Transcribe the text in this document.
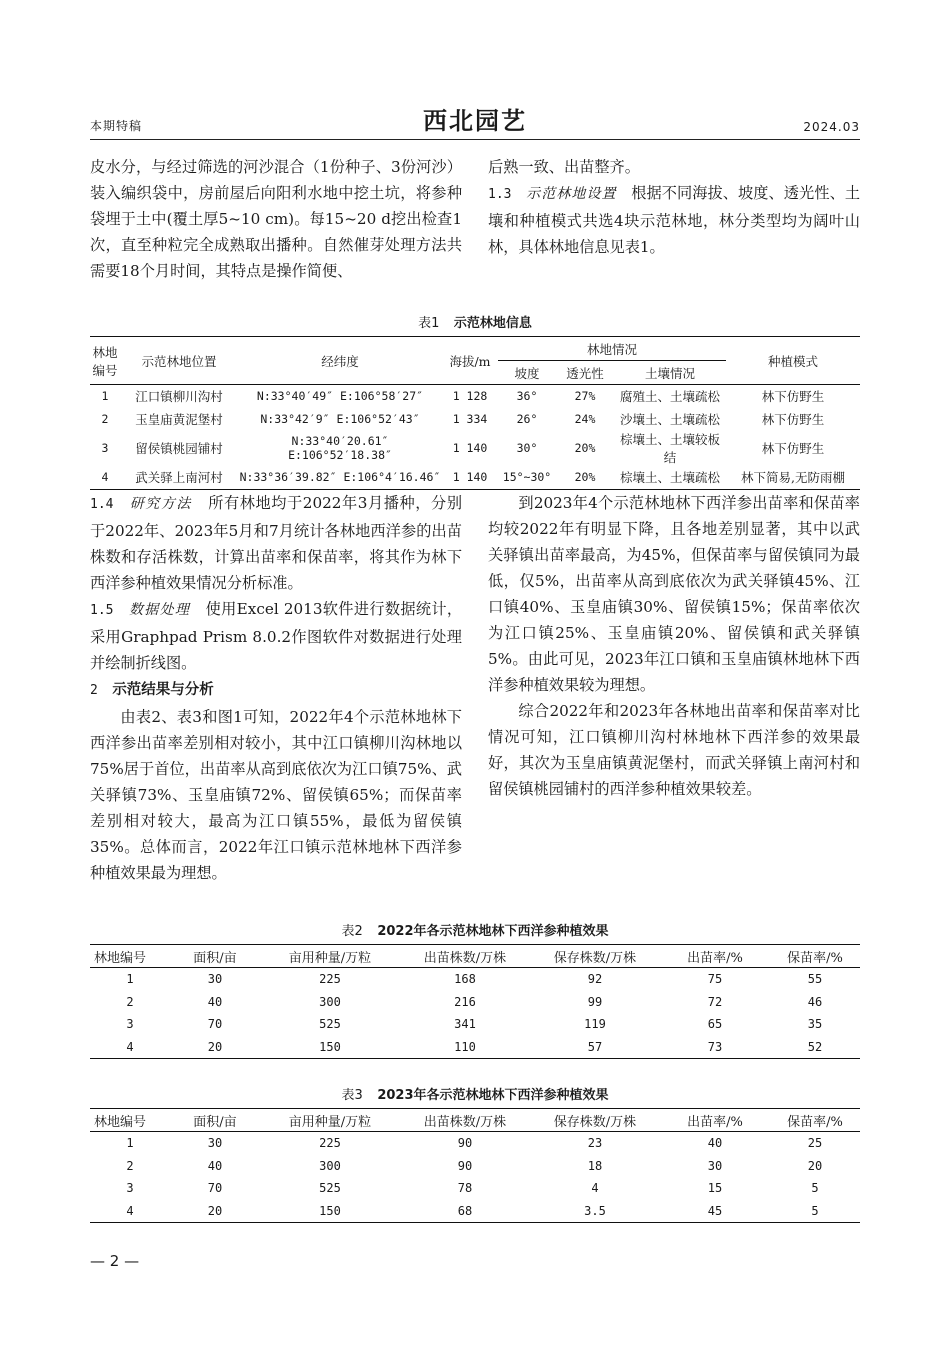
本期特稿	西北园艺	2024.03

皮水分，与经过筛选的河沙混合（1份种子、3份河沙）装入编织袋中，房前屋后向阳利水地中挖土坑，将参种袋埋于土中(覆土厚5~10 cm)。每15~20 d挖出检查1次，直至种粒完全成熟取出播种。自然催芽处理方法共需要18个月时间，其特点是操作简便、

后熟一致、出苗整齐。

1.3 示范林地设置 根据不同海拔、坡度、透光性、土壤和种植模式共选4块示范林地，林分类型均为阔叶山林，具体林地信息见表1。

表1 示范林地信息
林地编号	示范林地位置	经纬度	海拔/m	林地情况			种植模式
				坡度	透光性	土壤情况	
1	江口镇柳川沟村	N:33°40′49″ E:106°58′27″	1 128	36°	27%	腐殖土、土壤疏松	林下仿野生
2	玉皇庙黄泥堡村	N:33°42′9″ E:106°52′43″	1 334	26°	24%	沙壤土、土壤疏松	林下仿野生
3	留侯镇桃园铺村	N:33°40′20.61″ E:106°52′18.38″	1 140	30°	20%	棕壤土、土壤较板结	林下仿野生
4	武关驿上南河村	N:33°36′39.82″ E:106°4′16.46″	1 140	15°~30°	20%	棕壤土、土壤疏松	林下简易,无防雨棚

1.4 研究方法 所有林地均于2022年3月播种，分别于2022年、2023年5月和7月统计各林地西洋参的出苗株数和存活株数，计算出苗率和保苗率，将其作为林下西洋参种植效果情况分析标准。

1.5 数据处理 使用Excel 2013软件进行数据统计，采用Graphpad Prism 8.0.2作图软件对数据进行处理并绘制折线图。

2 示范结果与分析

由表2、表3和图1可知，2022年4个示范林地林下西洋参出苗率差别相对较小，其中江口镇柳川沟林地以75%居于首位，出苗率从高到底依次为江口镇75%、武关驿镇73%、玉皇庙镇72%、留侯镇65%；而保苗率差别相对较大，最高为江口镇55%，最低为留侯镇35%。总体而言，2022年江口镇示范林地林下西洋参种植效果最为理想。

到2023年4个示范林地林下西洋参出苗率和保苗率均较2022年有明显下降，且各地差别显著，其中以武关驿镇出苗率最高，为45%，但保苗率与留侯镇同为最低，仅5%，出苗率从高到底依次为武关驿镇45%、江口镇40%、玉皇庙镇30%、留侯镇15%；保苗率依次为江口镇25%、玉皇庙镇20%、留侯镇和武关驿镇5%。由此可见，2023年江口镇和玉皇庙镇林地林下西洋参种植效果较为理想。

综合2022年和2023年各林地出苗率和保苗率对比情况可知，江口镇柳川沟村林地林下西洋参的效果最好，其次为玉皇庙镇黄泥堡村，而武关驿镇上南河村和留侯镇桃园铺村的西洋参种植效果较差。

表2 2022年各示范林地林下西洋参种植效果
林地编号	面积/亩	亩用种量/万粒	出苗株数/万株	保存株数/万株	出苗率/%	保苗率/%
1	30	225	168	92	75	55
2	40	300	216	99	72	46
3	70	525	341	119	65	35
4	20	150	110	57	73	52
表3 2023年各示范林地林下西洋参种植效果
林地编号	面积/亩	亩用种量/万粒	出苗株数/万株	保存株数/万株	出苗率/%	保苗率/%
1	30	225	90	23	40	25
2	40	300	90	18	30	20
3	70	525	78	4	15	5
4	20	150	68	3.5	45	5
— 2 —
